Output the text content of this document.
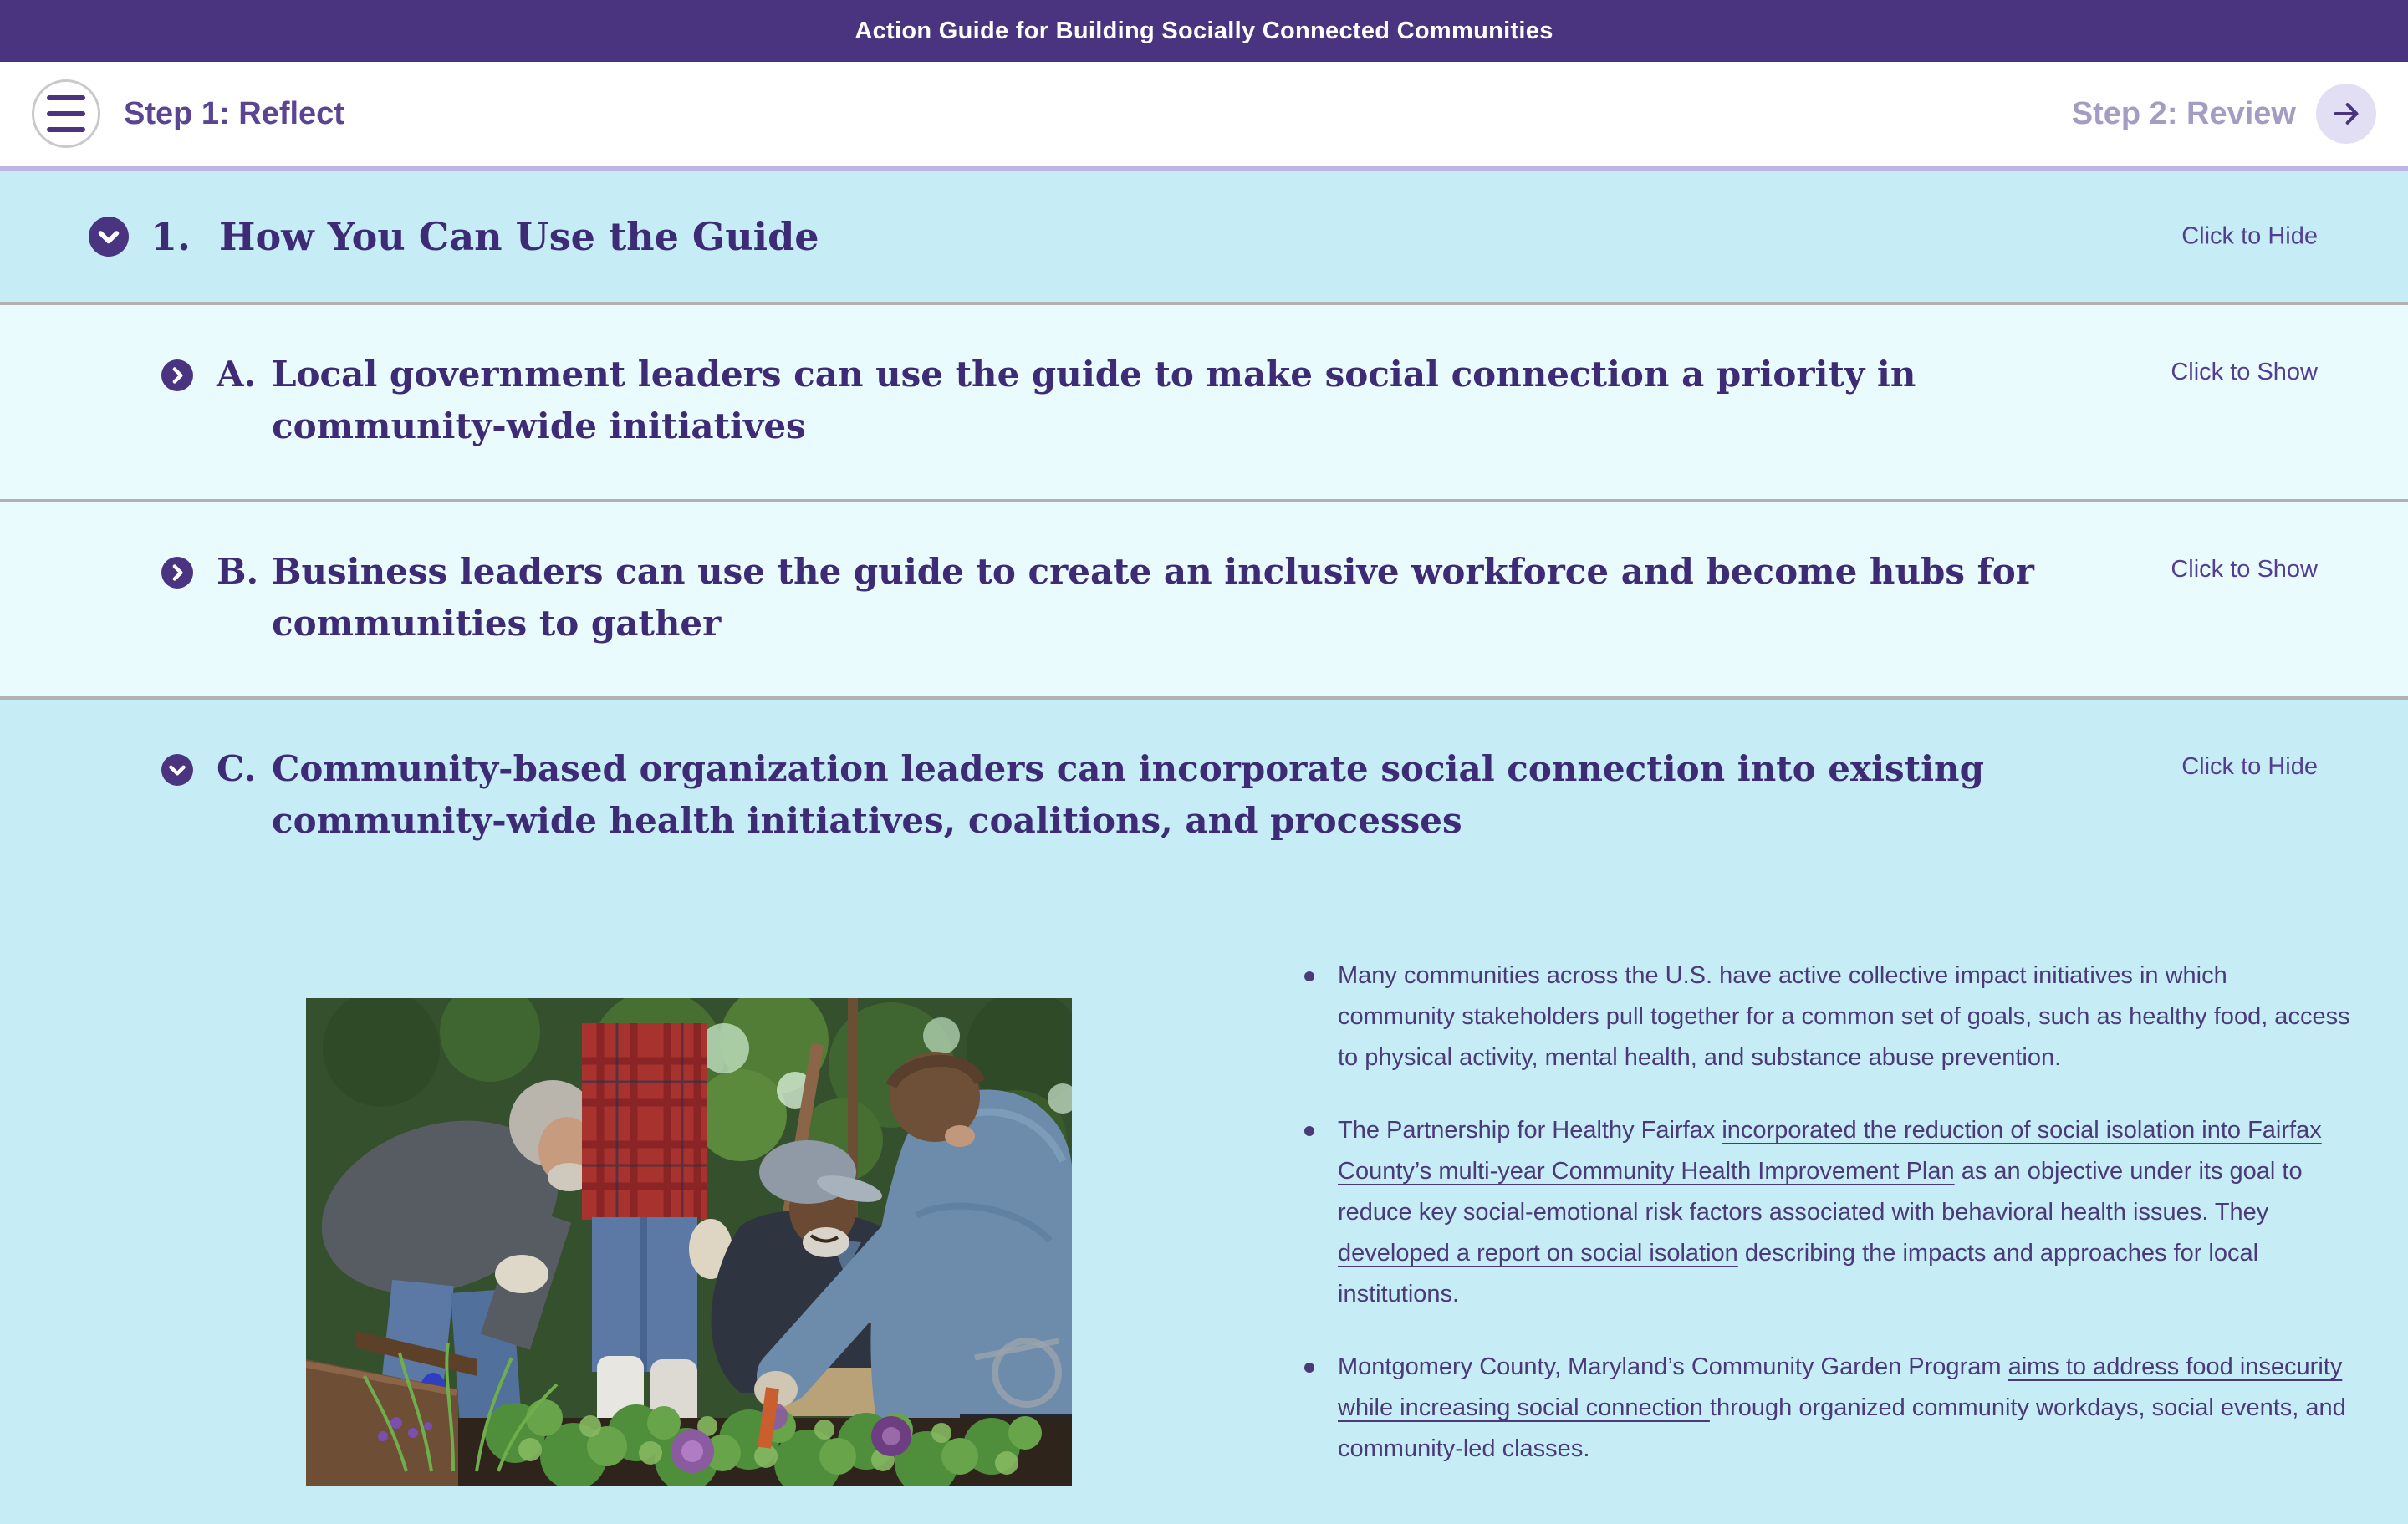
Action Guide for Building Socially Connected Communities
Step 1: Reflect	Step 2: Review
1. How You Can Use the Guide	Click to Hide
A. Local government leaders can use the guide to make social connection a priority in community-wide initiatives
Click to Show
B. Business leaders can use the guide to create an inclusive workforce and become hubs for communities to gather
Click to Show
C. Community-based organization leaders can incorporate social connection into existing community-wide health initiatives, coalitions, and processes
Click to Hide
Many communities across the U.S. have active collective impact initiatives in which community stakeholders pull together for a common set of goals, such as healthy food, access to physical activity, mental health, and substance abuse prevention.
The Partnership for Healthy Fairfax incorporated the reduction of social isolation into Fairfax County’s multi-year Community Health Improvement Plan as an objective under its goal to reduce key social-emotional risk factors associated with behavioral health issues. They developed a report on social isolation describing the impacts and approaches for local institutions.
Montgomery County, Maryland’s Community Garden Program aims to address food insecurity while increasing social connection through organized community workdays, social events, and community-led classes.
